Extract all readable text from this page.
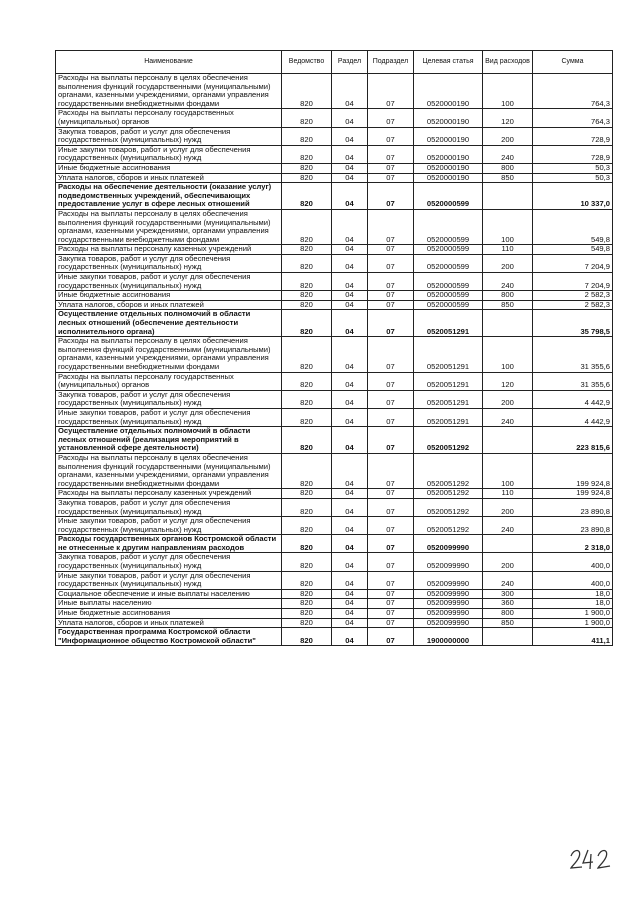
Наименование	Ведомство	Раздел	Подраздел	Целевая статья	Вид расходов	Сумма
Расходы на выплаты персоналу в целях обеспечения выполнения функций государственными (муниципальными) органами, казенными учреждениями, органами управления государственными внебюджетными фондами	820	04	07	0520000190	100	764,3
Расходы на выплаты персоналу государственных (муниципальных) органов	820	04	07	0520000190	120	764,3
Закупка товаров, работ и услуг для обеспечения государственных (муниципальных) нужд	820	04	07	0520000190	200	728,9
Иные закупки товаров, работ и услуг для обеспечения государственных (муниципальных) нужд	820	04	07	0520000190	240	728,9
Иные бюджетные ассигнования	820	04	07	0520000190	800	50,3
Уплата налогов, сборов и иных платежей	820	04	07	0520000190	850	50,3
Расходы на обеспечение деятельности (оказание услуг) подведомственных учреждений, обеспечивающих предоставление услуг в сфере лесных отношений	820	04	07	0520000599		10 337,0
Расходы на выплаты персоналу в целях обеспечения выполнения функций государственными (муниципальными) органами, казенными учреждениями, органами управления государственными внебюджетными фондами	820	04	07	0520000599	100	549,8
Расходы на выплаты персоналу казенных учреждений	820	04	07	0520000599	110	549,8
Закупка товаров, работ и услуг для обеспечения государственных (муниципальных) нужд	820	04	07	0520000599	200	7 204,9
Иные закупки товаров, работ и услуг для обеспечения государственных (муниципальных) нужд	820	04	07	0520000599	240	7 204,9
Иные бюджетные ассигнования	820	04	07	0520000599	800	2 582,3
Уплата налогов, сборов и иных платежей	820	04	07	0520000599	850	2 582,3
Осуществление отдельных полномочий в области лесных отношений (обеспечение деятельности исполнительного органа)	820	04	07	0520051291		35 798,5
Расходы на выплаты персоналу в целях обеспечения выполнения функций государственными (муниципальными) органами, казенными учреждениями, органами управления государственными внебюджетными фондами	820	04	07	0520051291	100	31 355,6
Расходы на выплаты персоналу государственных (муниципальных) органов	820	04	07	0520051291	120	31 355,6
Закупка товаров, работ и услуг для обеспечения государственных (муниципальных) нужд	820	04	07	0520051291	200	4 442,9
Иные закупки товаров, работ и услуг для обеспечения государственных (муниципальных) нужд	820	04	07	0520051291	240	4 442,9
Осуществление отдельных полномочий в области лесных отношений (реализация мероприятий в установленной сфере деятельности)	820	04	07	0520051292		223 815,6
Расходы на выплаты персоналу в целях обеспечения выполнения функций государственными (муниципальными) органами, казенными учреждениями, органами управления государственными внебюджетными фондами	820	04	07	0520051292	100	199 924,8
Расходы на выплаты персоналу казенных учреждений	820	04	07	0520051292	110	199 924,8
Закупка товаров, работ и услуг для обеспечения государственных (муниципальных) нужд	820	04	07	0520051292	200	23 890,8
Иные закупки товаров, работ и услуг для обеспечения государственных (муниципальных) нужд	820	04	07	0520051292	240	23 890,8
Расходы государственных органов Костромской области не отнесенные к другим направлениям расходов	820	04	07	0520099990		2 318,0
Закупка товаров, работ и услуг для обеспечения государственных (муниципальных) нужд	820	04	07	0520099990	200	400,0
Иные закупки товаров, работ и услуг для обеспечения государственных (муниципальных) нужд	820	04	07	0520099990	240	400,0
Социальное обеспечение и иные выплаты населению	820	04	07	0520099990	300	18,0
Иные выплаты населению	820	04	07	0520099990	360	18,0
Иные бюджетные ассигнования	820	04	07	0520099990	800	1 900,0
Уплата налогов, сборов и иных платежей	820	04	07	0520099990	850	1 900,0
Государственная программа Костромской области "Информационное общество Костромской области"	820	04	07	1900000000		411,1
